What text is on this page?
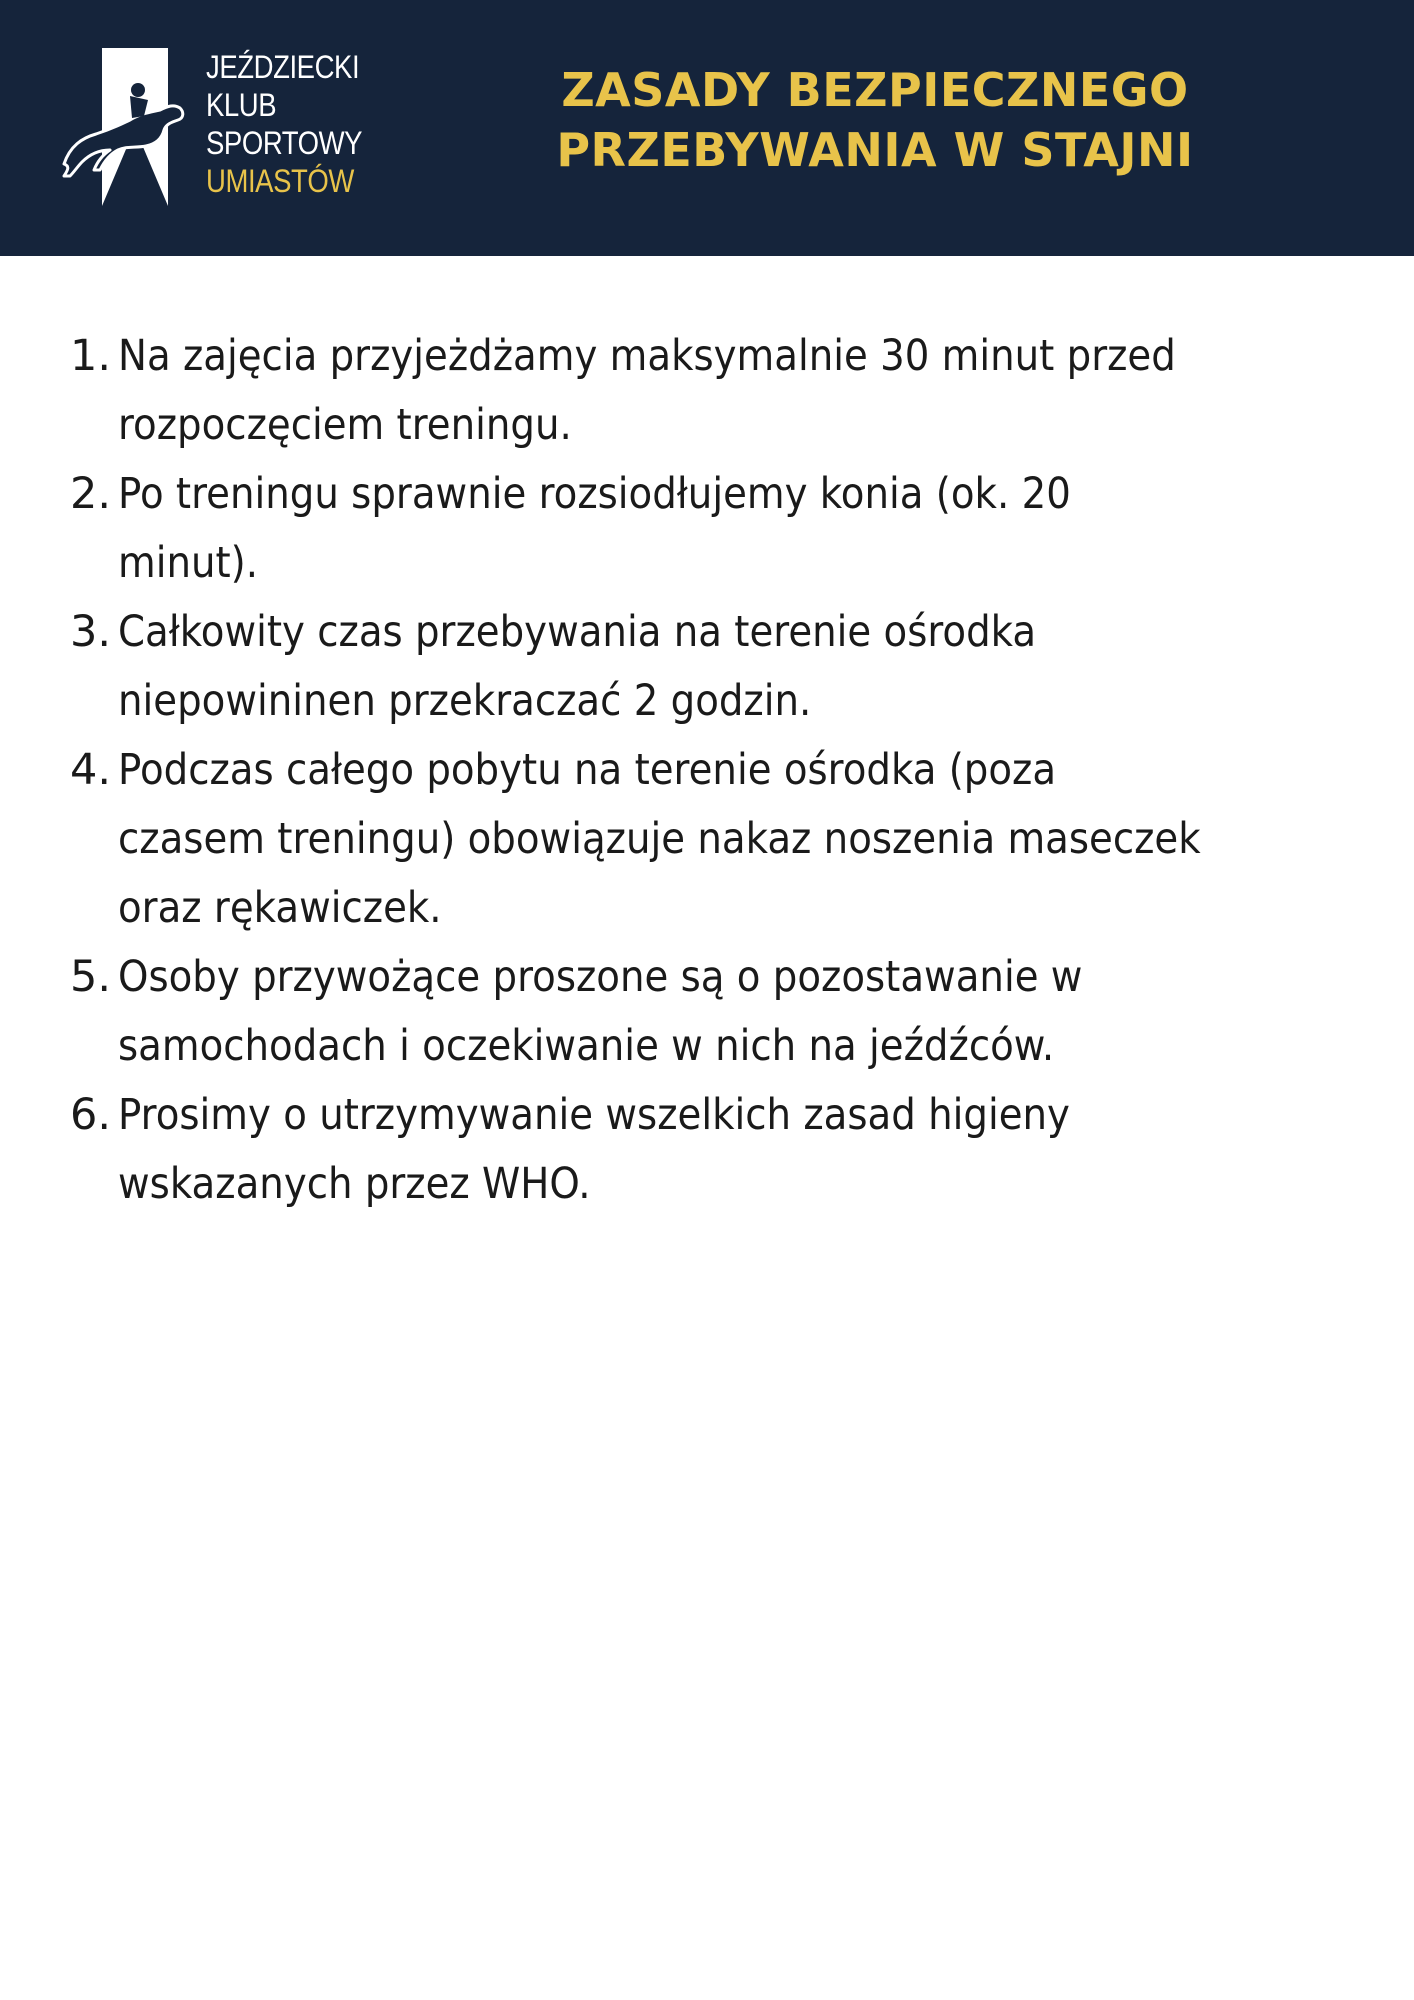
JEŹDZIECKI
KLUB
SPORTOWY
UMIASTÓW
ZASADY BEZPIECZNEGO
PRZEBYWANIA W STAJNI
1. Na zajęcia przyjeżdżamy maksymalnie 30 minut przed
rozpoczęciem treningu.
2. Po treningu sprawnie rozsiodłujemy konia (ok. 20
minut).
3. Całkowity czas przebywania na terenie ośrodka
niepowininen przekraczać 2 godzin.
4. Podczas całego pobytu na terenie ośrodka (poza
czasem treningu) obowiązuje nakaz noszenia maseczek
oraz rękawiczek.
5. Osoby przywożące proszone są o pozostawanie w
samochodach i oczekiwanie w nich na jeźdźców.
6. Prosimy o utrzymywanie wszelkich zasad higieny
wskazanych przez WHO.
